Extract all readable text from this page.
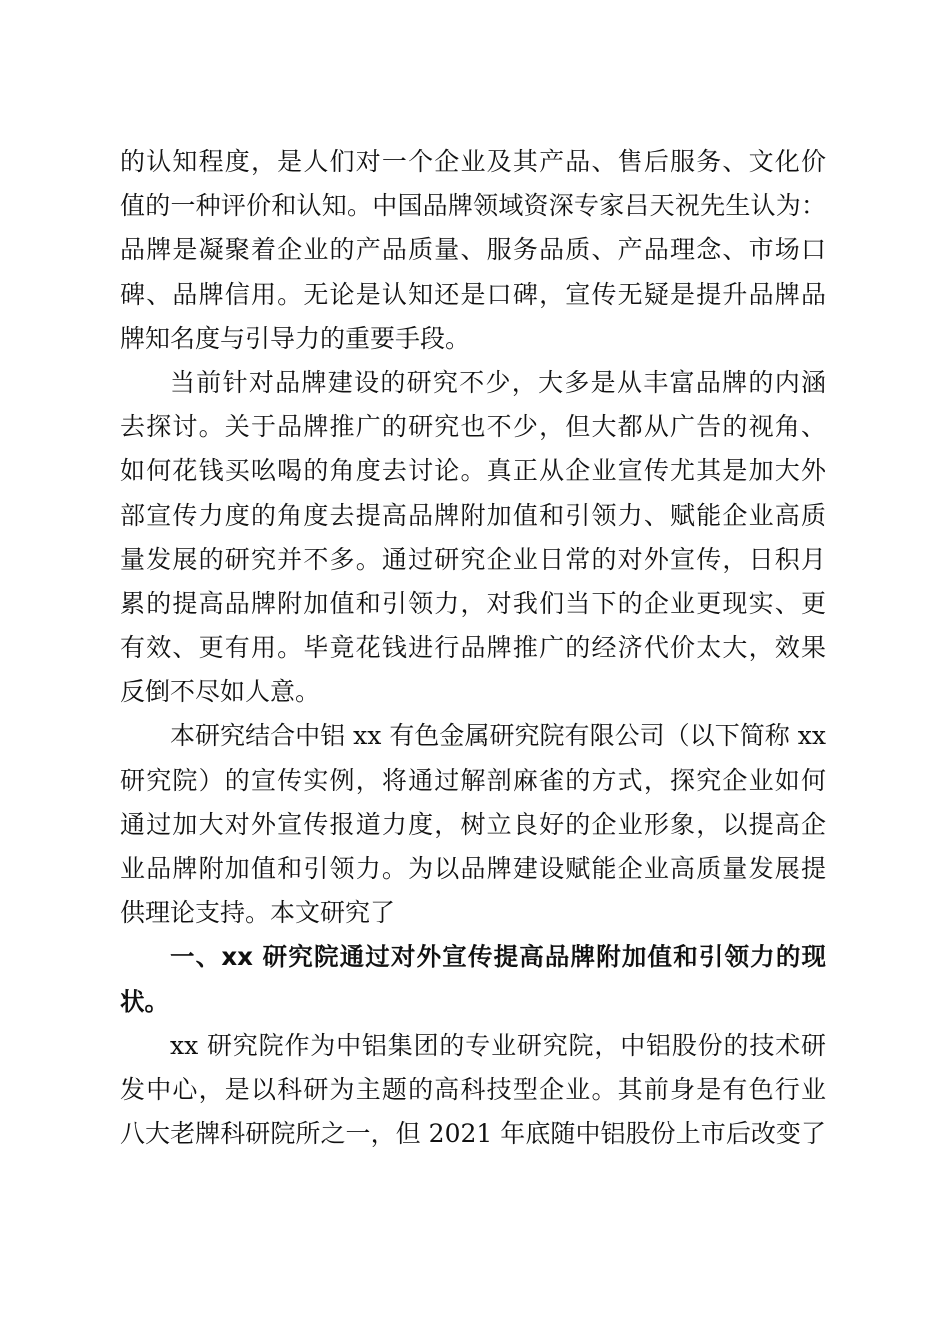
的认知程度，是人们对一个企业及其产品、售后服务、文化价
值的一种评价和认知。中国品牌领域资深专家吕天祝先生认为：
品牌是凝聚着企业的产品质量、服务品质、产品理念、市场口
碑、品牌信用。无论是认知还是口碑，宣传无疑是提升品牌品
牌知名度与引导力的重要手段。
当前针对品牌建设的研究不少，大多是从丰富品牌的内涵
去探讨。关于品牌推广的研究也不少，但大都从广告的视角、
如何花钱买吆喝的角度去讨论。真正从企业宣传尤其是加大外
部宣传力度的角度去提高品牌附加值和引领力、赋能企业高质
量发展的研究并不多。通过研究企业日常的对外宣传，日积月
累的提高品牌附加值和引领力，对我们当下的企业更现实、更
有效、更有用。毕竟花钱进行品牌推广的经济代价太大，效果
反倒不尽如人意。
本研究结合中铝 xx 有色金属研究院有限公司（以下简称 xx
研究院）的宣传实例，将通过解剖麻雀的方式，探究企业如何
通过加大对外宣传报道力度，树立良好的企业形象，以提高企
业品牌附加值和引领力。为以品牌建设赋能企业高质量发展提
供理论支持。本文研究了
一、xx 研究院通过对外宣传提高品牌附加值和引领力的现
状。
xx 研究院作为中铝集团的专业研究院，中铝股份的技术研
发中心，是以科研为主题的高科技型企业。其前身是有色行业
八大老牌科研院所之一，但 2021 年底随中铝股份上市后改变了
